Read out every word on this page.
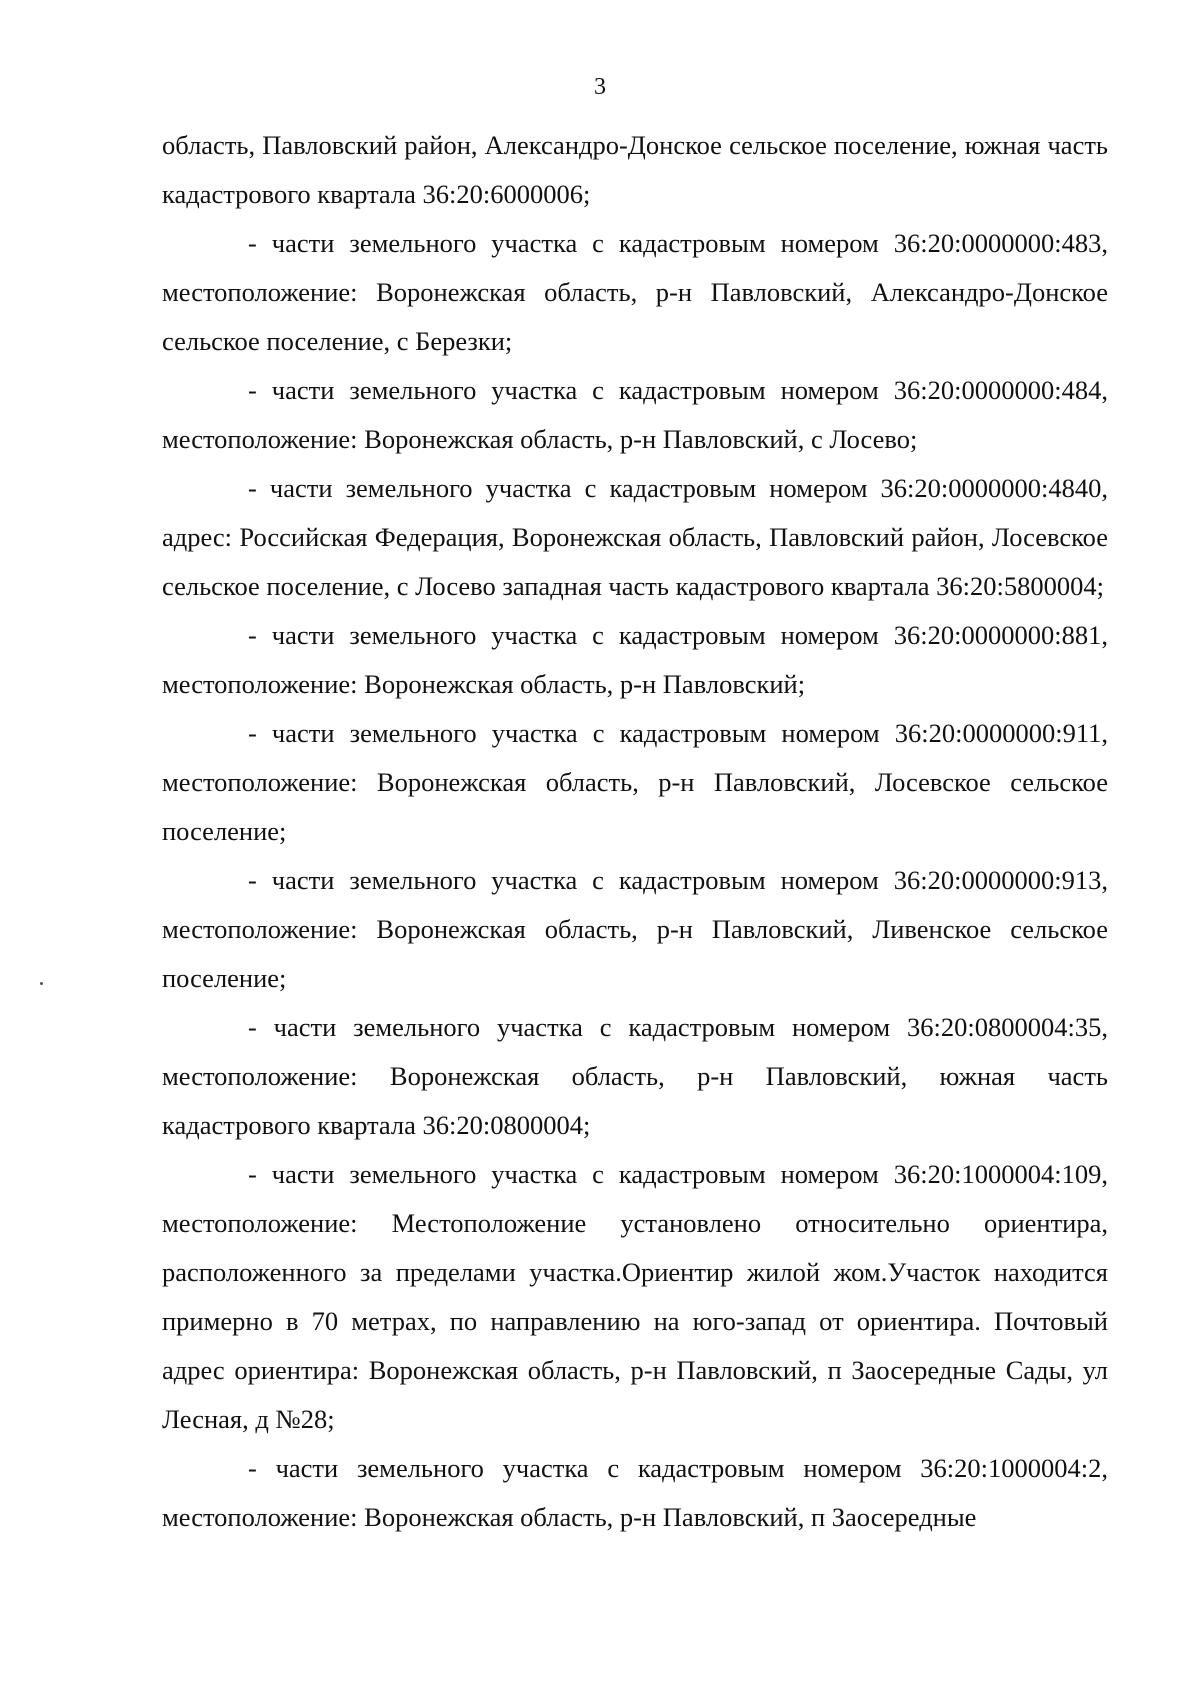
3

область, Павловский район, Александро-Донское сельское поселение, южная часть кадастрового квартала 36:20:6000006;

- части земельного участка с кадастровым номером 36:20:0000000:483, местоположение: Воронежская область, р-н Павловский, Александро-Донское сельское поселение, с Березки;

- части земельного участка с кадастровым номером 36:20:0000000:484, местоположение: Воронежская область, р-н Павловский, с Лосево;

- части земельного участка с кадастровым номером 36:20:0000000:4840, адрес: Российская Федерация, Воронежская область, Павловский район, Лосевское сельское поселение, с Лосево западная часть кадастрового квартала 36:20:5800004;

- части земельного участка с кадастровым номером 36:20:0000000:881, местоположение: Воронежская область, р-н Павловский;

- части земельного участка с кадастровым номером 36:20:0000000:911, местоположение: Воронежская область, р-н Павловский, Лосевское сельское поселение;

- части земельного участка с кадастровым номером 36:20:0000000:913, местоположение: Воронежская область, р-н Павловский, Ливенское сельское поселение;

- части земельного участка с кадастровым номером 36:20:0800004:35, местоположение: Воронежская область, р-н Павловский, южная часть кадастрового квартала 36:20:0800004;

- части земельного участка с кадастровым номером 36:20:1000004:109, местоположение: Местоположение установлено относительно ориентира, расположенного за пределами участка.Ориентир жилой жом.Участок находится примерно в 70 метрах, по направлению на юго-запад от ориентира. Почтовый адрес ориентира: Воронежская область, р-н Павловский, п Заосередные Сады, ул Лесная, д №28;

- части земельного участка с кадастровым номером 36:20:1000004:2, местоположение: Воронежская область, р-н Павловский, п Заосередные
